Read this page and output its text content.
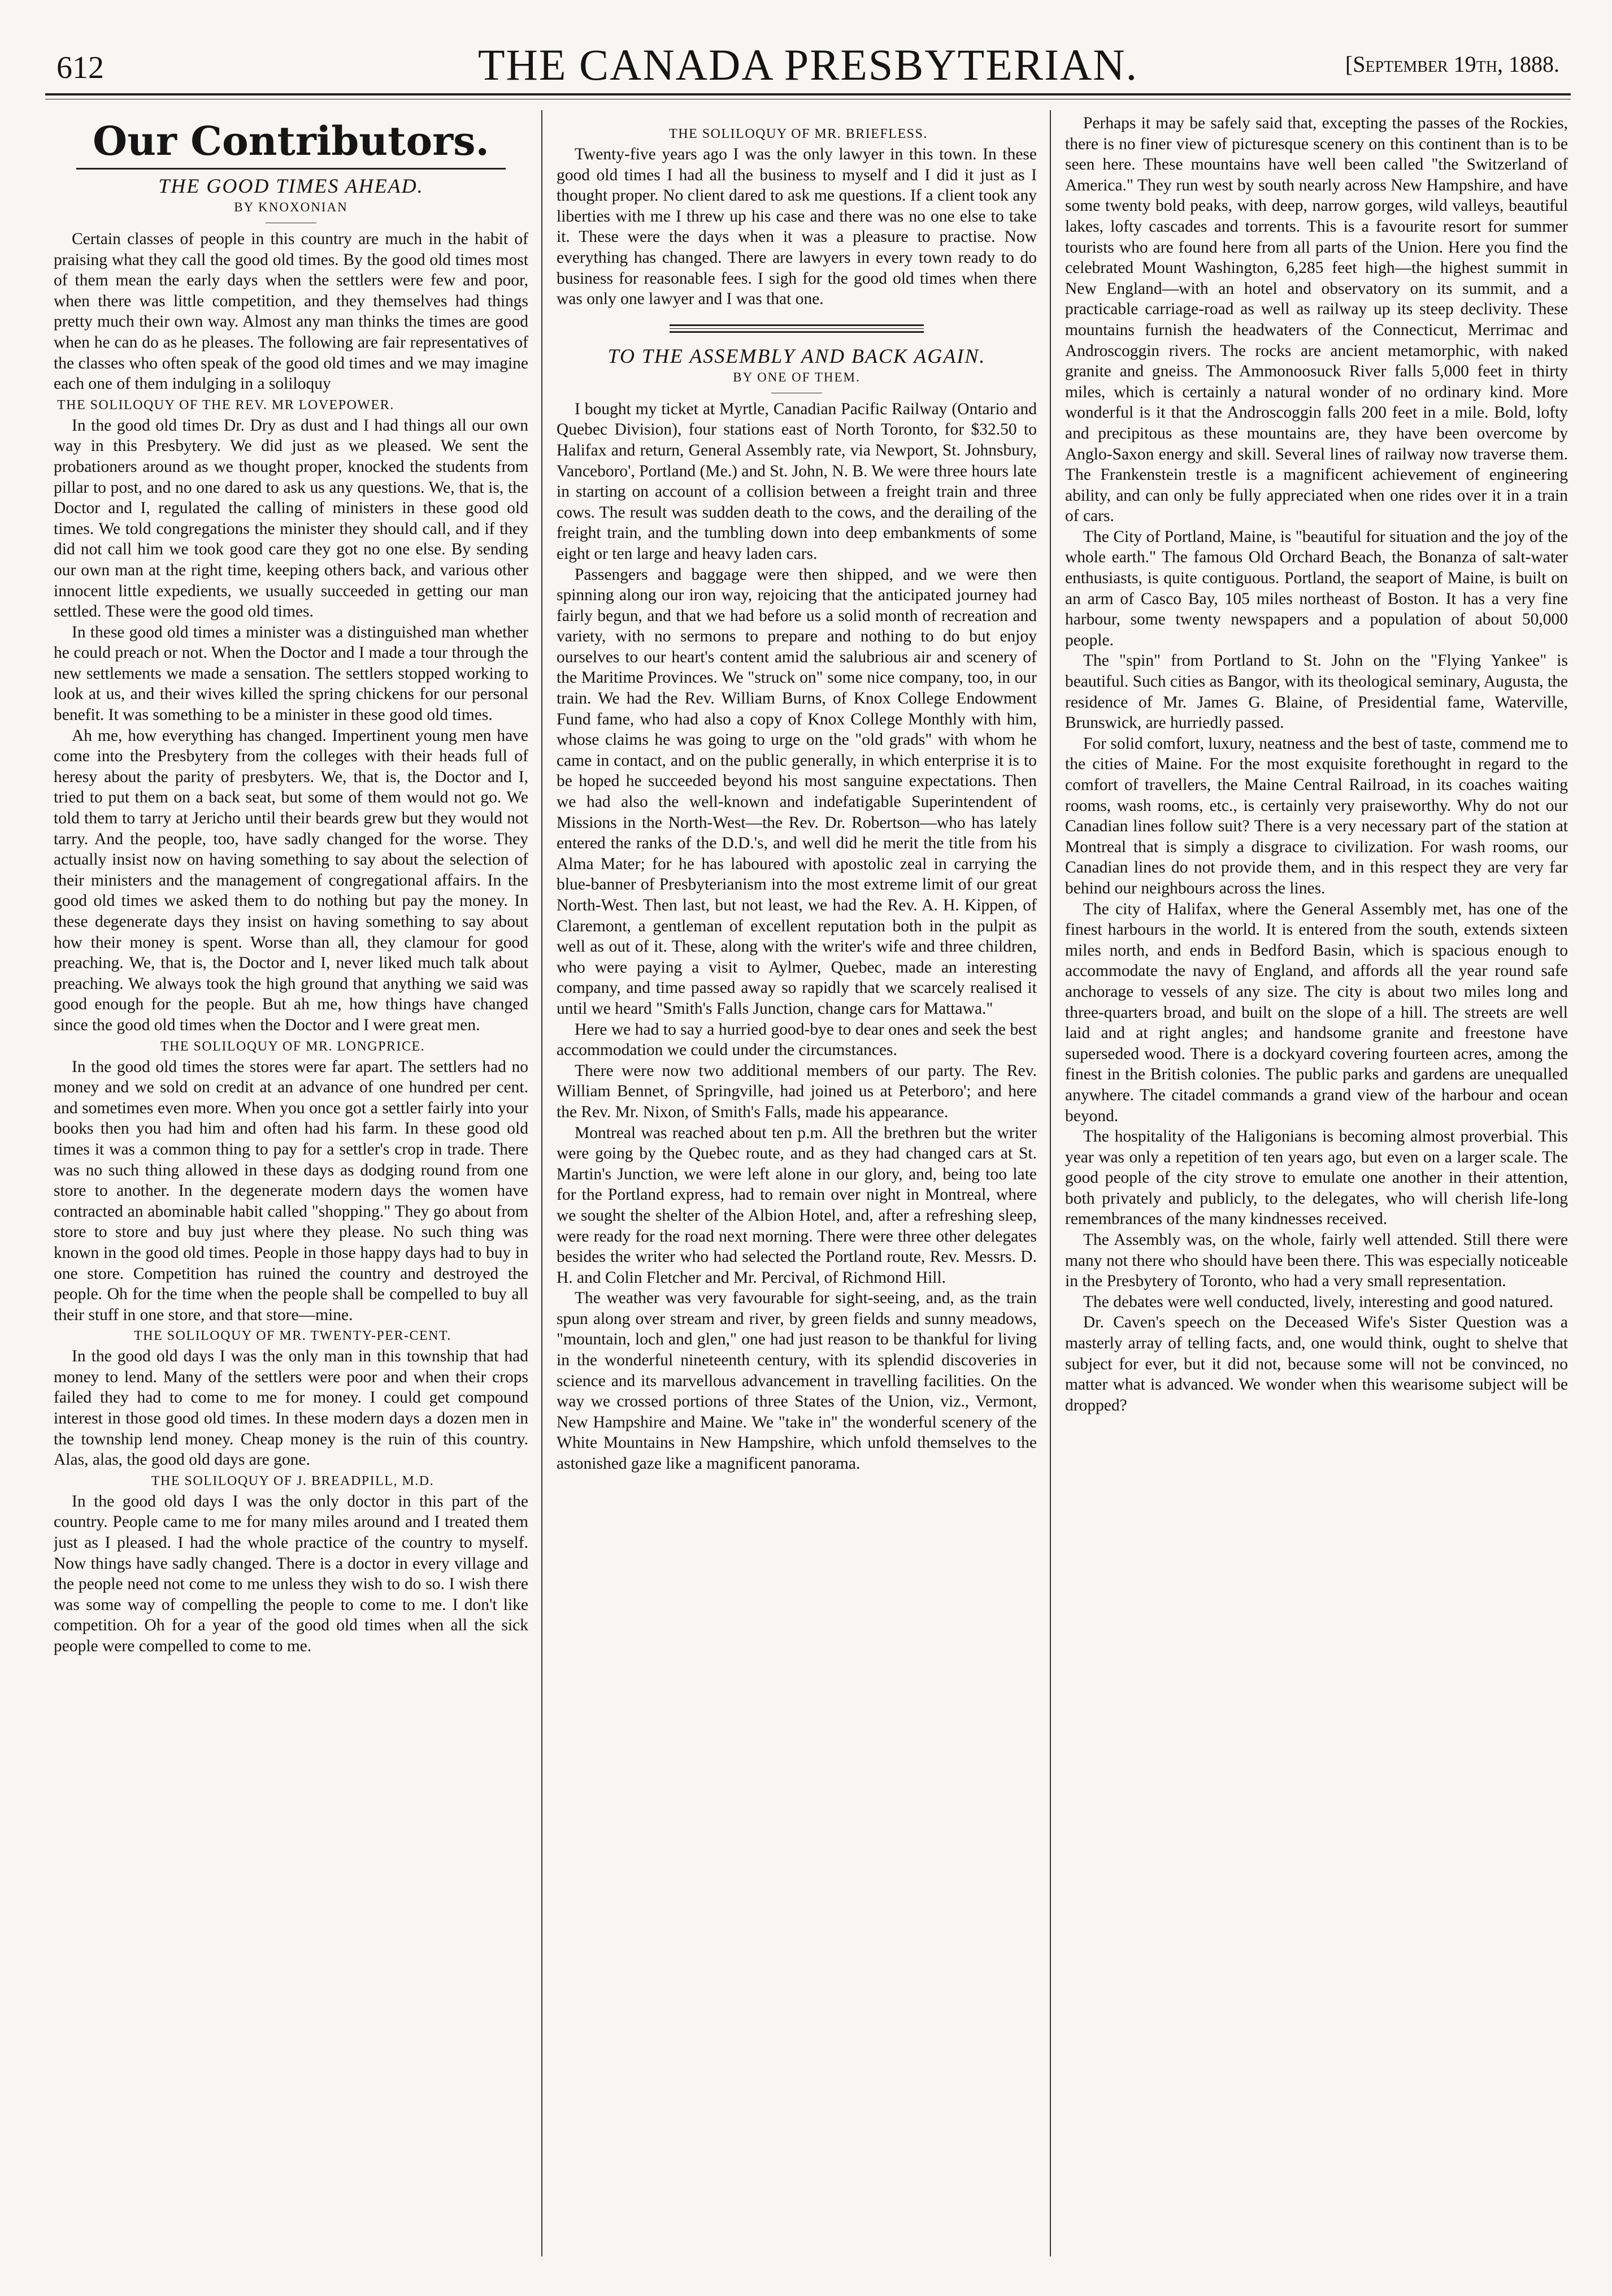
612	THE CANADA PRESBYTERIAN.	[September 19th, 1888.
Our Contributors.
THE GOOD TIMES AHEAD.
BY KNOXONIAN

Certain classes of people in this country are much in the habit of praising what they call the good old times. By the good old times most of them mean the early days when the settlers were few and poor, when there was little competition, and they themselves had things pretty much their own way. Almost any man thinks the times are good when he can do as he pleases. The following are fair representatives of the classes who often speak of the good old times and we may imagine each one of them indulging in a soliloquy

THE SOLILOQUY OF THE REV. MR LOVEPOWER.

In the good old times Dr. Dry as dust and I had things all our own way in this Presbytery. We did just as we pleased. We sent the probationers around as we thought proper, knocked the students from pillar to post, and no one dared to ask us any questions. We, that is, the Doctor and I, regulated the calling of ministers in these good old times. We told congregations the minister they should call, and if they did not call him we took good care they got no one else. By sending our own man at the right time, keeping others back, and various other innocent little expedients, we usually succeeded in getting our man settled. These were the good old times.

In these good old times a minister was a distinguished man whether he could preach or not. When the Doctor and I made a tour through the new settlements we made a sensation. The settlers stopped working to look at us, and their wives killed the spring chickens for our personal benefit. It was something to be a minister in these good old times.

Ah me, how everything has changed. Impertinent young men have come into the Presbytery from the colleges with their heads full of heresy about the parity of presbyters. We, that is, the Doctor and I, tried to put them on a back seat, but some of them would not go. We told them to tarry at Jericho until their beards grew but they would not tarry. And the people, too, have sadly changed for the worse. They actually insist now on having something to say about the selection of their ministers and the management of congregational affairs. In the good old times we asked them to do nothing but pay the money. In these degenerate days they insist on having something to say about how their money is spent. Worse than all, they clamour for good preaching. We, that is, the Doctor and I, never liked much talk about preaching. We always took the high ground that anything we said was good enough for the people. But ah me, how things have changed since the good old times when the Doctor and I were great men.

THE SOLILOQUY OF MR. LONGPRICE.

In the good old times the stores were far apart. The settlers had no money and we sold on credit at an advance of one hundred per cent. and sometimes even more. When you once got a settler fairly into your books then you had him and often had his farm. In these good old times it was a common thing to pay for a settler's crop in trade. There was no such thing allowed in these days as dodging round from one store to another. In the degenerate modern days the women have contracted an abominable habit called "shopping." They go about from store to store and buy just where they please. No such thing was known in the good old times. People in those happy days had to buy in one store. Competition has ruined the country and destroyed the people. Oh for the time when the people shall be compelled to buy all their stuff in one store, and that store—mine.

THE SOLILOQUY OF MR. TWENTY-PER-CENT.

In the good old days I was the only man in this township that had money to lend. Many of the settlers were poor and when their crops failed they had to come to me for money. I could get compound interest in those good old times. In these modern days a dozen men in the township lend money. Cheap money is the ruin of this country. Alas, alas, the good old days are gone.

THE SOLILOQUY OF J. BREADPILL, M.D.

In the good old days I was the only doctor in this part of the country. People came to me for many miles around and I treated them just as I pleased. I had the whole practice of the country to myself. Now things have sadly changed. There is a doctor in every village and the people need not come to me unless they wish to do so. I wish there was some way of compelling the people to come to me. I don't like competition. Oh for a year of the good old times when all the sick people were compelled to come to me.

THE SOLILOQUY OF MR. BRIEFLESS.

Twenty-five years ago I was the only lawyer in this town. In these good old times I had all the business to myself and I did it just as I thought proper. No client dared to ask me questions. If a client took any liberties with me I threw up his case and there was no one else to take it. These were the days when it was a pleasure to practise. Now everything has changed. There are lawyers in every town ready to do business for reasonable fees. I sigh for the good old times when there was only one lawyer and I was that one.

TO THE ASSEMBLY AND BACK AGAIN.
BY ONE OF THEM.

I bought my ticket at Myrtle, Canadian Pacific Railway (Ontario and Quebec Division), four stations east of North Toronto, for $32.50 to Halifax and return, General Assembly rate, via Newport, St. Johnsbury, Vanceboro', Portland (Me.) and St. John, N. B. We were three hours late in starting on account of a collision between a freight train and three cows. The result was sudden death to the cows, and the derailing of the freight train, and the tumbling down into deep embankments of some eight or ten large and heavy laden cars.

Passengers and baggage were then shipped, and we were then spinning along our iron way, rejoicing that the anticipated journey had fairly begun, and that we had before us a solid month of recreation and variety, with no sermons to prepare and nothing to do but enjoy ourselves to our heart's content amid the salubrious air and scenery of the Maritime Provinces. We "struck on" some nice company, too, in our train. We had the Rev. William Burns, of Knox College Endowment Fund fame, who had also a copy of Knox College Monthly with him, whose claims he was going to urge on the "old grads" with whom he came in contact, and on the public generally, in which enterprise it is to be hoped he succeeded beyond his most sanguine expectations. Then we had also the well-known and indefatigable Superintendent of Missions in the North-West—the Rev. Dr. Robertson—who has lately entered the ranks of the D.D.'s, and well did he merit the title from his Alma Mater; for he has laboured with apostolic zeal in carrying the blue-banner of Presbyterianism into the most extreme limit of our great North-West. Then last, but not least, we had the Rev. A. H. Kippen, of Claremont, a gentleman of excellent reputation both in the pulpit as well as out of it. These, along with the writer's wife and three children, who were paying a visit to Aylmer, Quebec, made an interesting company, and time passed away so rapidly that we scarcely realised it until we heard "Smith's Falls Junction, change cars for Mattawa."

Here we had to say a hurried good-bye to dear ones and seek the best accommodation we could under the circumstances.

There were now two additional members of our party. The Rev. William Bennet, of Springville, had joined us at Peterboro'; and here the Rev. Mr. Nixon, of Smith's Falls, made his appearance.

Montreal was reached about ten p.m. All the brethren but the writer were going by the Quebec route, and as they had changed cars at St. Martin's Junction, we were left alone in our glory, and, being too late for the Portland express, had to remain over night in Montreal, where we sought the shelter of the Albion Hotel, and, after a refreshing sleep, were ready for the road next morning. There were three other delegates besides the writer who had selected the Portland route, Rev. Messrs. D. H. and Colin Fletcher and Mr. Percival, of Richmond Hill.

The weather was very favourable for sight-seeing, and, as the train spun along over stream and river, by green fields and sunny meadows, "mountain, loch and glen," one had just reason to be thankful for living in the wonderful nineteenth century, with its splendid discoveries in science and its marvellous advancement in travelling facilities. On the way we crossed portions of three States of the Union, viz., Vermont, New Hampshire and Maine. We "take in" the wonderful scenery of the White Mountains in New Hampshire, which unfold themselves to the astonished gaze like a magnificent panorama.

Perhaps it may be safely said that, excepting the passes of the Rockies, there is no finer view of picturesque scenery on this continent than is to be seen here. These mountains have well been called "the Switzerland of America." They run west by south nearly across New Hampshire, and have some twenty bold peaks, with deep, narrow gorges, wild valleys, beautiful lakes, lofty cascades and torrents. This is a favourite resort for summer tourists who are found here from all parts of the Union. Here you find the celebrated Mount Washington, 6,285 feet high—the highest summit in New England—with an hotel and observatory on its summit, and a practicable carriage-road as well as railway up its steep declivity. These mountains furnish the headwaters of the Connecticut, Merrimac and Androscoggin rivers. The rocks are ancient metamorphic, with naked granite and gneiss. The Ammonoosuck River falls 5,000 feet in thirty miles, which is certainly a natural wonder of no ordinary kind. More wonderful is it that the Androscoggin falls 200 feet in a mile. Bold, lofty and precipitous as these mountains are, they have been overcome by Anglo-Saxon energy and skill. Several lines of railway now traverse them. The Frankenstein trestle is a magnificent achievement of engineering ability, and can only be fully appreciated when one rides over it in a train of cars.

The City of Portland, Maine, is "beautiful for situation and the joy of the whole earth." The famous Old Orchard Beach, the Bonanza of salt-water enthusiasts, is quite contiguous. Portland, the seaport of Maine, is built on an arm of Casco Bay, 105 miles northeast of Boston. It has a very fine harbour, some twenty newspapers and a population of about 50,000 people.

The "spin" from Portland to St. John on the "Flying Yankee" is beautiful. Such cities as Bangor, with its theological seminary, Augusta, the residence of Mr. James G. Blaine, of Presidential fame, Waterville, Brunswick, are hurriedly passed.

For solid comfort, luxury, neatness and the best of taste, commend me to the cities of Maine. For the most exquisite forethought in regard to the comfort of travellers, the Maine Central Railroad, in its coaches waiting rooms, wash rooms, etc., is certainly very praiseworthy. Why do not our Canadian lines follow suit? There is a very necessary part of the station at Montreal that is simply a disgrace to civilization. For wash rooms, our Canadian lines do not provide them, and in this respect they are very far behind our neighbours across the lines.

The city of Halifax, where the General Assembly met, has one of the finest harbours in the world. It is entered from the south, extends sixteen miles north, and ends in Bedford Basin, which is spacious enough to accommodate the navy of England, and affords all the year round safe anchorage to vessels of any size. The city is about two miles long and three-quarters broad, and built on the slope of a hill. The streets are well laid and at right angles; and handsome granite and freestone have superseded wood. There is a dockyard covering fourteen acres, among the finest in the British colonies. The public parks and gardens are unequalled anywhere. The citadel commands a grand view of the harbour and ocean beyond.

The hospitality of the Haligonians is becoming almost proverbial. This year was only a repetition of ten years ago, but even on a larger scale. The good people of the city strove to emulate one another in their attention, both privately and publicly, to the delegates, who will cherish life-long remembrances of the many kindnesses received.

The Assembly was, on the whole, fairly well attended. Still there were many not there who should have been there. This was especially noticeable in the Presbytery of Toronto, who had a very small representation.

The debates were well conducted, lively, interesting and good natured.

Dr. Caven's speech on the Deceased Wife's Sister Question was a masterly array of telling facts, and, one would think, ought to shelve that subject for ever, but it did not, because some will not be convinced, no matter what is advanced. We wonder when this wearisome subject will be dropped?
